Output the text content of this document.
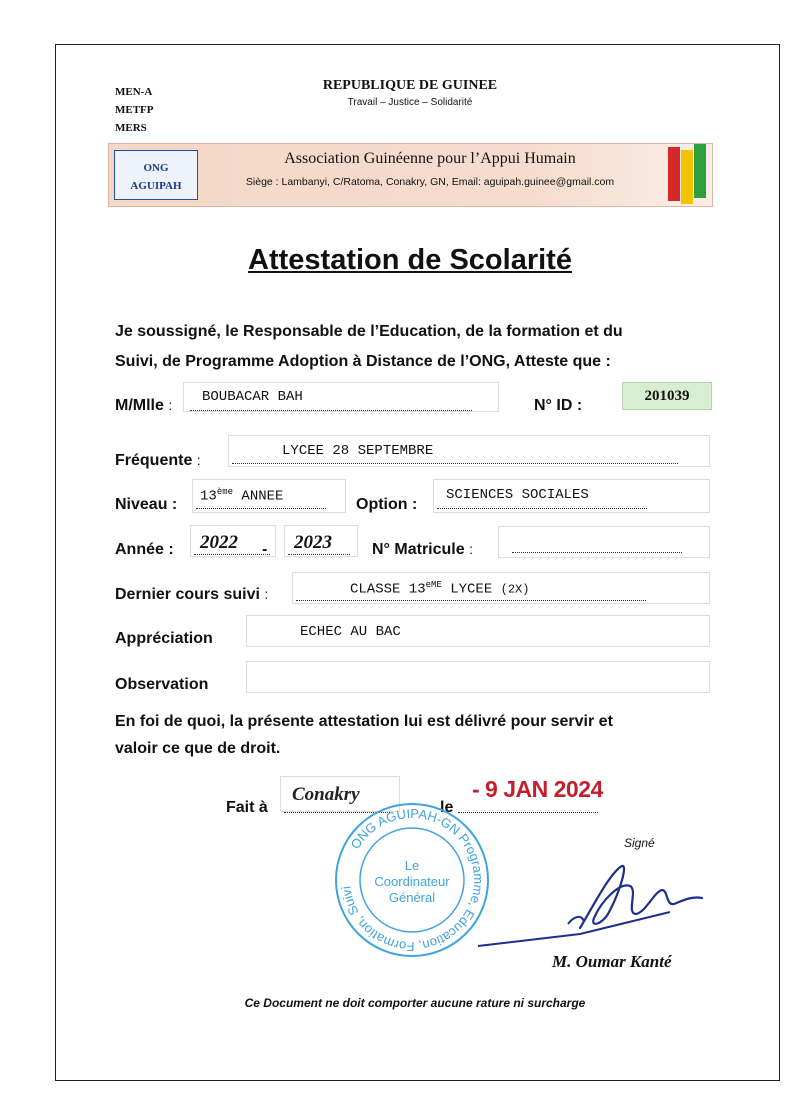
MEN-A
METFP
MERS
REPUBLIQUE DE GUINEE
Travail – Justice – Solidarité
ONG
AGUIPAH
Association Guinéenne pour l’Appui Humain
Siège : Lambanyi, C/Ratoma, Conakry, GN, Email: aguipah.guinee@gmail.com
Attestation de Scolarité
Je soussigné, le Responsable de l’Education, de la formation et du
Suivi, de Programme Adoption à Distance de l’ONG, Atteste que :
M/Mlle : BOUBACAR BAH	N° ID :
201039
Fréquente :
LYCEE 28 SEPTEMBRE
Niveau : 13ème ANNEE	Option :
SCIENCES SOCIALES
Année : 2022 - 2023	N° Matricule :
Dernier cours suivi :	CLASSE 13eME LYCEE (2X)
Appréciation	ECHEC AU BAC
Observation
En foi de quoi, la présente attestation lui est délivré pour servir et
valoir ce que de droit.
Fait à
Conakry
le
- 9 JAN 2024
ONG AGUIPAH-GN Programme, Education, Formation, Suivi
Le
Coordinateur
Général
Signé
M. Oumar Kanté
Ce Document ne doit comporter aucune rature ni surcharge
